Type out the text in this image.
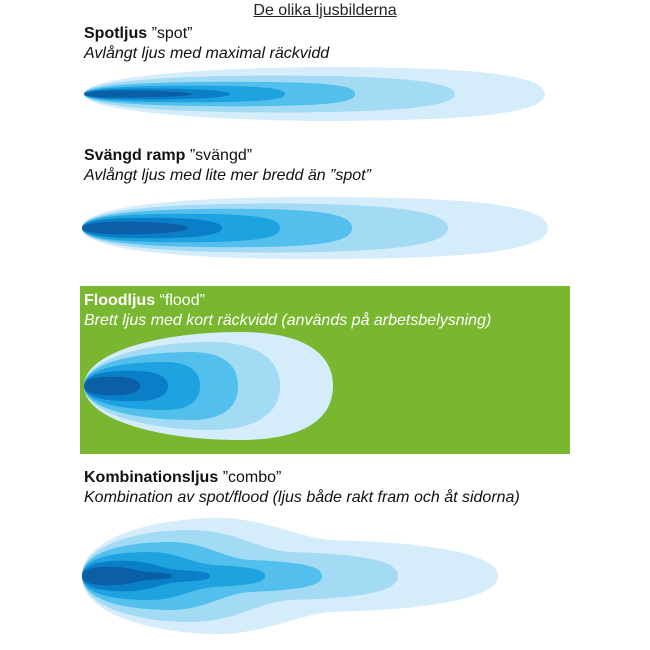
De olika ljusbilderna
Spotljus ”spot”
Avlångt ljus med maximal räckvidd
Svängd ramp ”svängd”
Avlångt ljus med lite mer bredd än ”spot”
Floodljus “flood”
Brett ljus med kort räckvidd (används på arbetsbelysning)
Kombinationsljus ”combo”
Kombination av spot/flood (ljus både rakt fram och åt sidorna)
